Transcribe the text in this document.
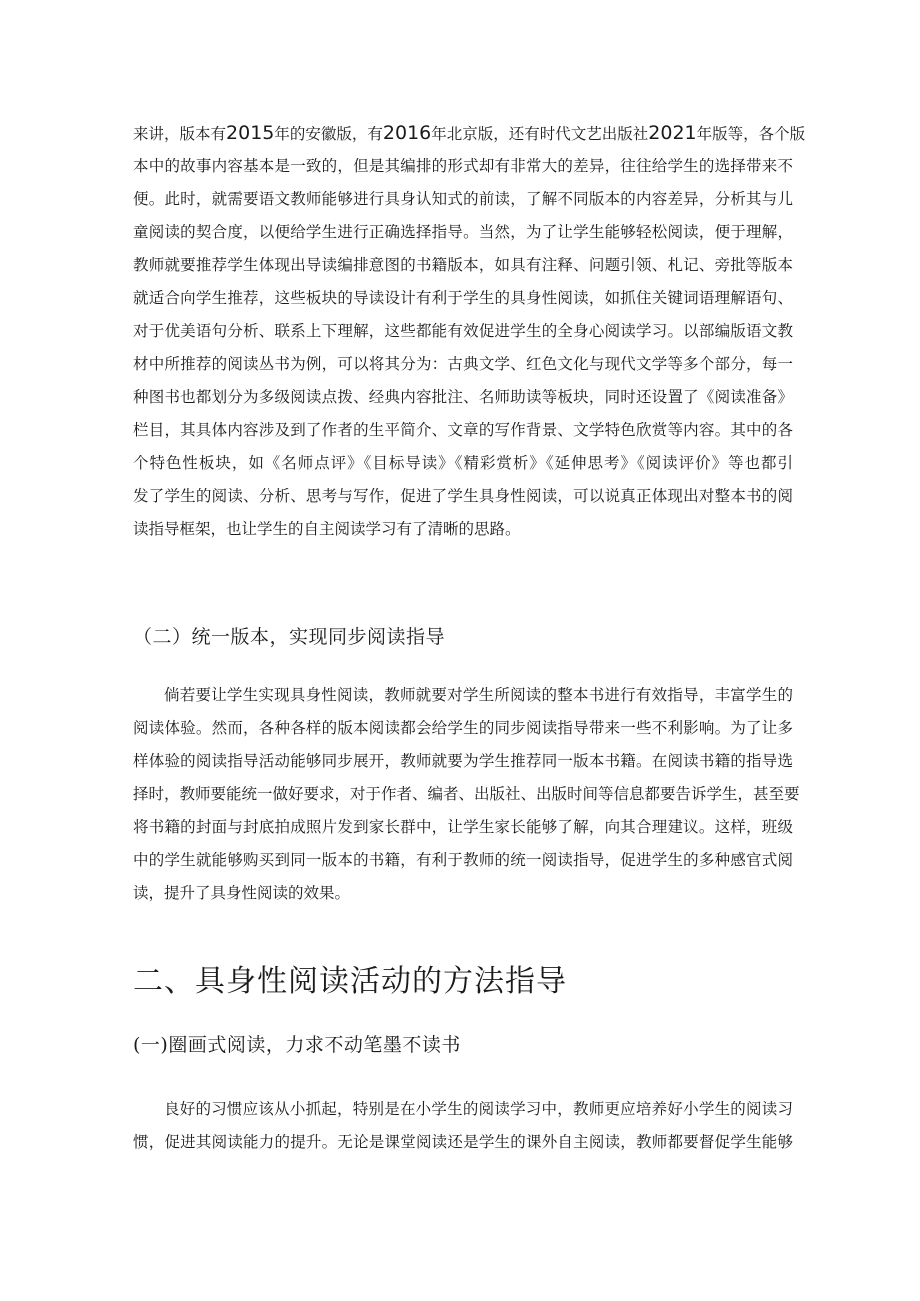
来讲，版本有2015年的安徽版，有2016年北京版，还有时代文艺出版社2021年版等，各个版
本中的故事内容基本是一致的，但是其编排的形式却有非常大的差异，往往给学生的选择带来不
便。此时，就需要语文教师能够进行具身认知式的前读，了解不同版本的内容差异，分析其与儿
童阅读的契合度，以便给学生进行正确选择指导。当然，为了让学生能够轻松阅读，便于理解，
教师就要推荐学生体现出导读编排意图的书籍版本，如具有注释、问题引领、札记、旁批等版本
就适合向学生推荐，这些板块的导读设计有利于学生的具身性阅读，如抓住关键词语理解语句、
对于优美语句分析、联系上下理解，这些都能有效促进学生的全身心阅读学习。以部编版语文教
材中所推荐的阅读丛书为例，可以将其分为：古典文学、红色文化与现代文学等多个部分，每一
种图书也都划分为多级阅读点拨、经典内容批注、名师助读等板块，同时还设置了《阅读准备》
栏目，其具体内容涉及到了作者的生平简介、文章的写作背景、文学特色欣赏等内容。其中的各
个特色性板块，如《名师点评》《目标导读》《精彩赏析》《延伸思考》《阅读评价》等也都引
发了学生的阅读、分析、思考与写作，促进了学生具身性阅读，可以说真正体现出对整本书的阅
读指导框架，也让学生的自主阅读学习有了清晰的思路。
（二）统一版本，实现同步阅读指导
倘若要让学生实现具身性阅读，教师就要对学生所阅读的整本书进行有效指导，丰富学生的
阅读体验。然而，各种各样的版本阅读都会给学生的同步阅读指导带来一些不利影响。为了让多
样体验的阅读指导活动能够同步展开，教师就要为学生推荐同一版本书籍。在阅读书籍的指导选
择时，教师要能统一做好要求，对于作者、编者、出版社、出版时间等信息都要告诉学生，甚至要
将书籍的封面与封底拍成照片发到家长群中，让学生家长能够了解，向其合理建议。这样，班级
中的学生就能够购买到同一版本的书籍，有利于教师的统一阅读指导，促进学生的多种感官式阅
读，提升了具身性阅读的效果。
二、具身性阅读活动的方法指导
(一)圈画式阅读，力求不动笔墨不读书
良好的习惯应该从小抓起，特别是在小学生的阅读学习中，教师更应培养好小学生的阅读习
惯，促进其阅读能力的提升。无论是课堂阅读还是学生的课外自主阅读，教师都要督促学生能够
